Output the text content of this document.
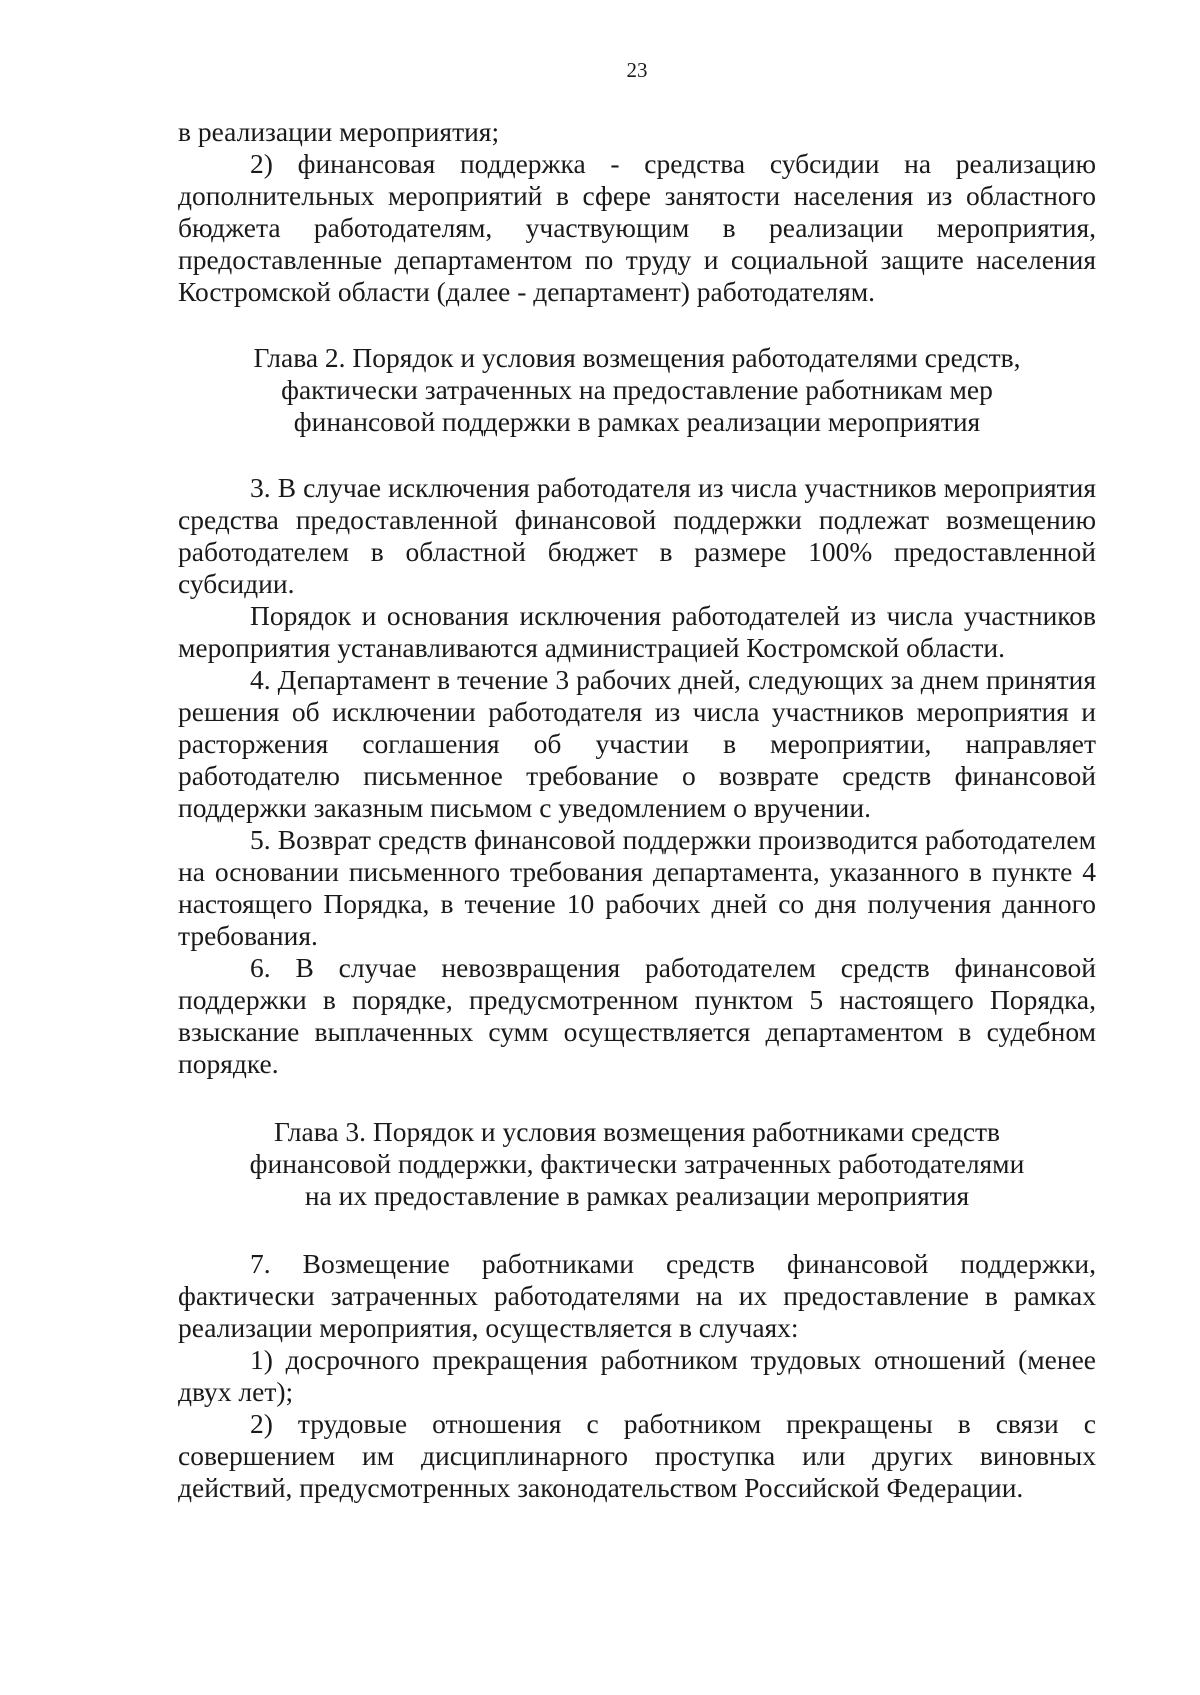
23

в реализации мероприятия;

2) финансовая поддержка - средства субсидии на реализацию дополнительных мероприятий в сфере занятости населения из областного бюджета работодателям, участвующим в реализации мероприятия, предоставленные департаментом по труду и социальной защите населения Костромской области (далее - департамент) работодателям.

Глава 2. Порядок и условия возмещения работодателями средств,
фактически затраченных на предоставление работникам мер
финансовой поддержки в рамках реализации мероприятия

3. В случае исключения работодателя из числа участников мероприятия средства предоставленной финансовой поддержки подлежат возмещению работодателем в областной бюджет в размере 100% предоставленной субсидии.

Порядок и основания исключения работодателей из числа участников мероприятия устанавливаются администрацией Костромской области.

4. Департамент в течение 3 рабочих дней, следующих за днем принятия решения об исключении работодателя из числа участников мероприятия и расторжения соглашения об участии в мероприятии, направляет работодателю письменное требование о возврате средств финансовой поддержки заказным письмом с уведомлением о вручении.

5. Возврат средств финансовой поддержки производится работодателем на основании письменного требования департамента, указанного в пункте 4 настоящего Порядка, в течение 10 рабочих дней со дня получения данного требования.

6. В случае невозвращения работодателем средств финансовой поддержки в порядке, предусмотренном пунктом 5 настоящего Порядка, взыскание выплаченных сумм осуществляется департаментом в судебном порядке.

Глава 3. Порядок и условия возмещения работниками средств
финансовой поддержки, фактически затраченных работодателями
на их предоставление в рамках реализации мероприятия

7. Возмещение работниками средств финансовой поддержки, фактически затраченных работодателями на их предоставление в рамках реализации мероприятия, осуществляется в случаях:

1) досрочного прекращения работником трудовых отношений (менее двух лет);

2) трудовые отношения с работником прекращены в связи с совершением им дисциплинарного проступка или других виновных действий, предусмотренных законодательством Российской Федерации.
